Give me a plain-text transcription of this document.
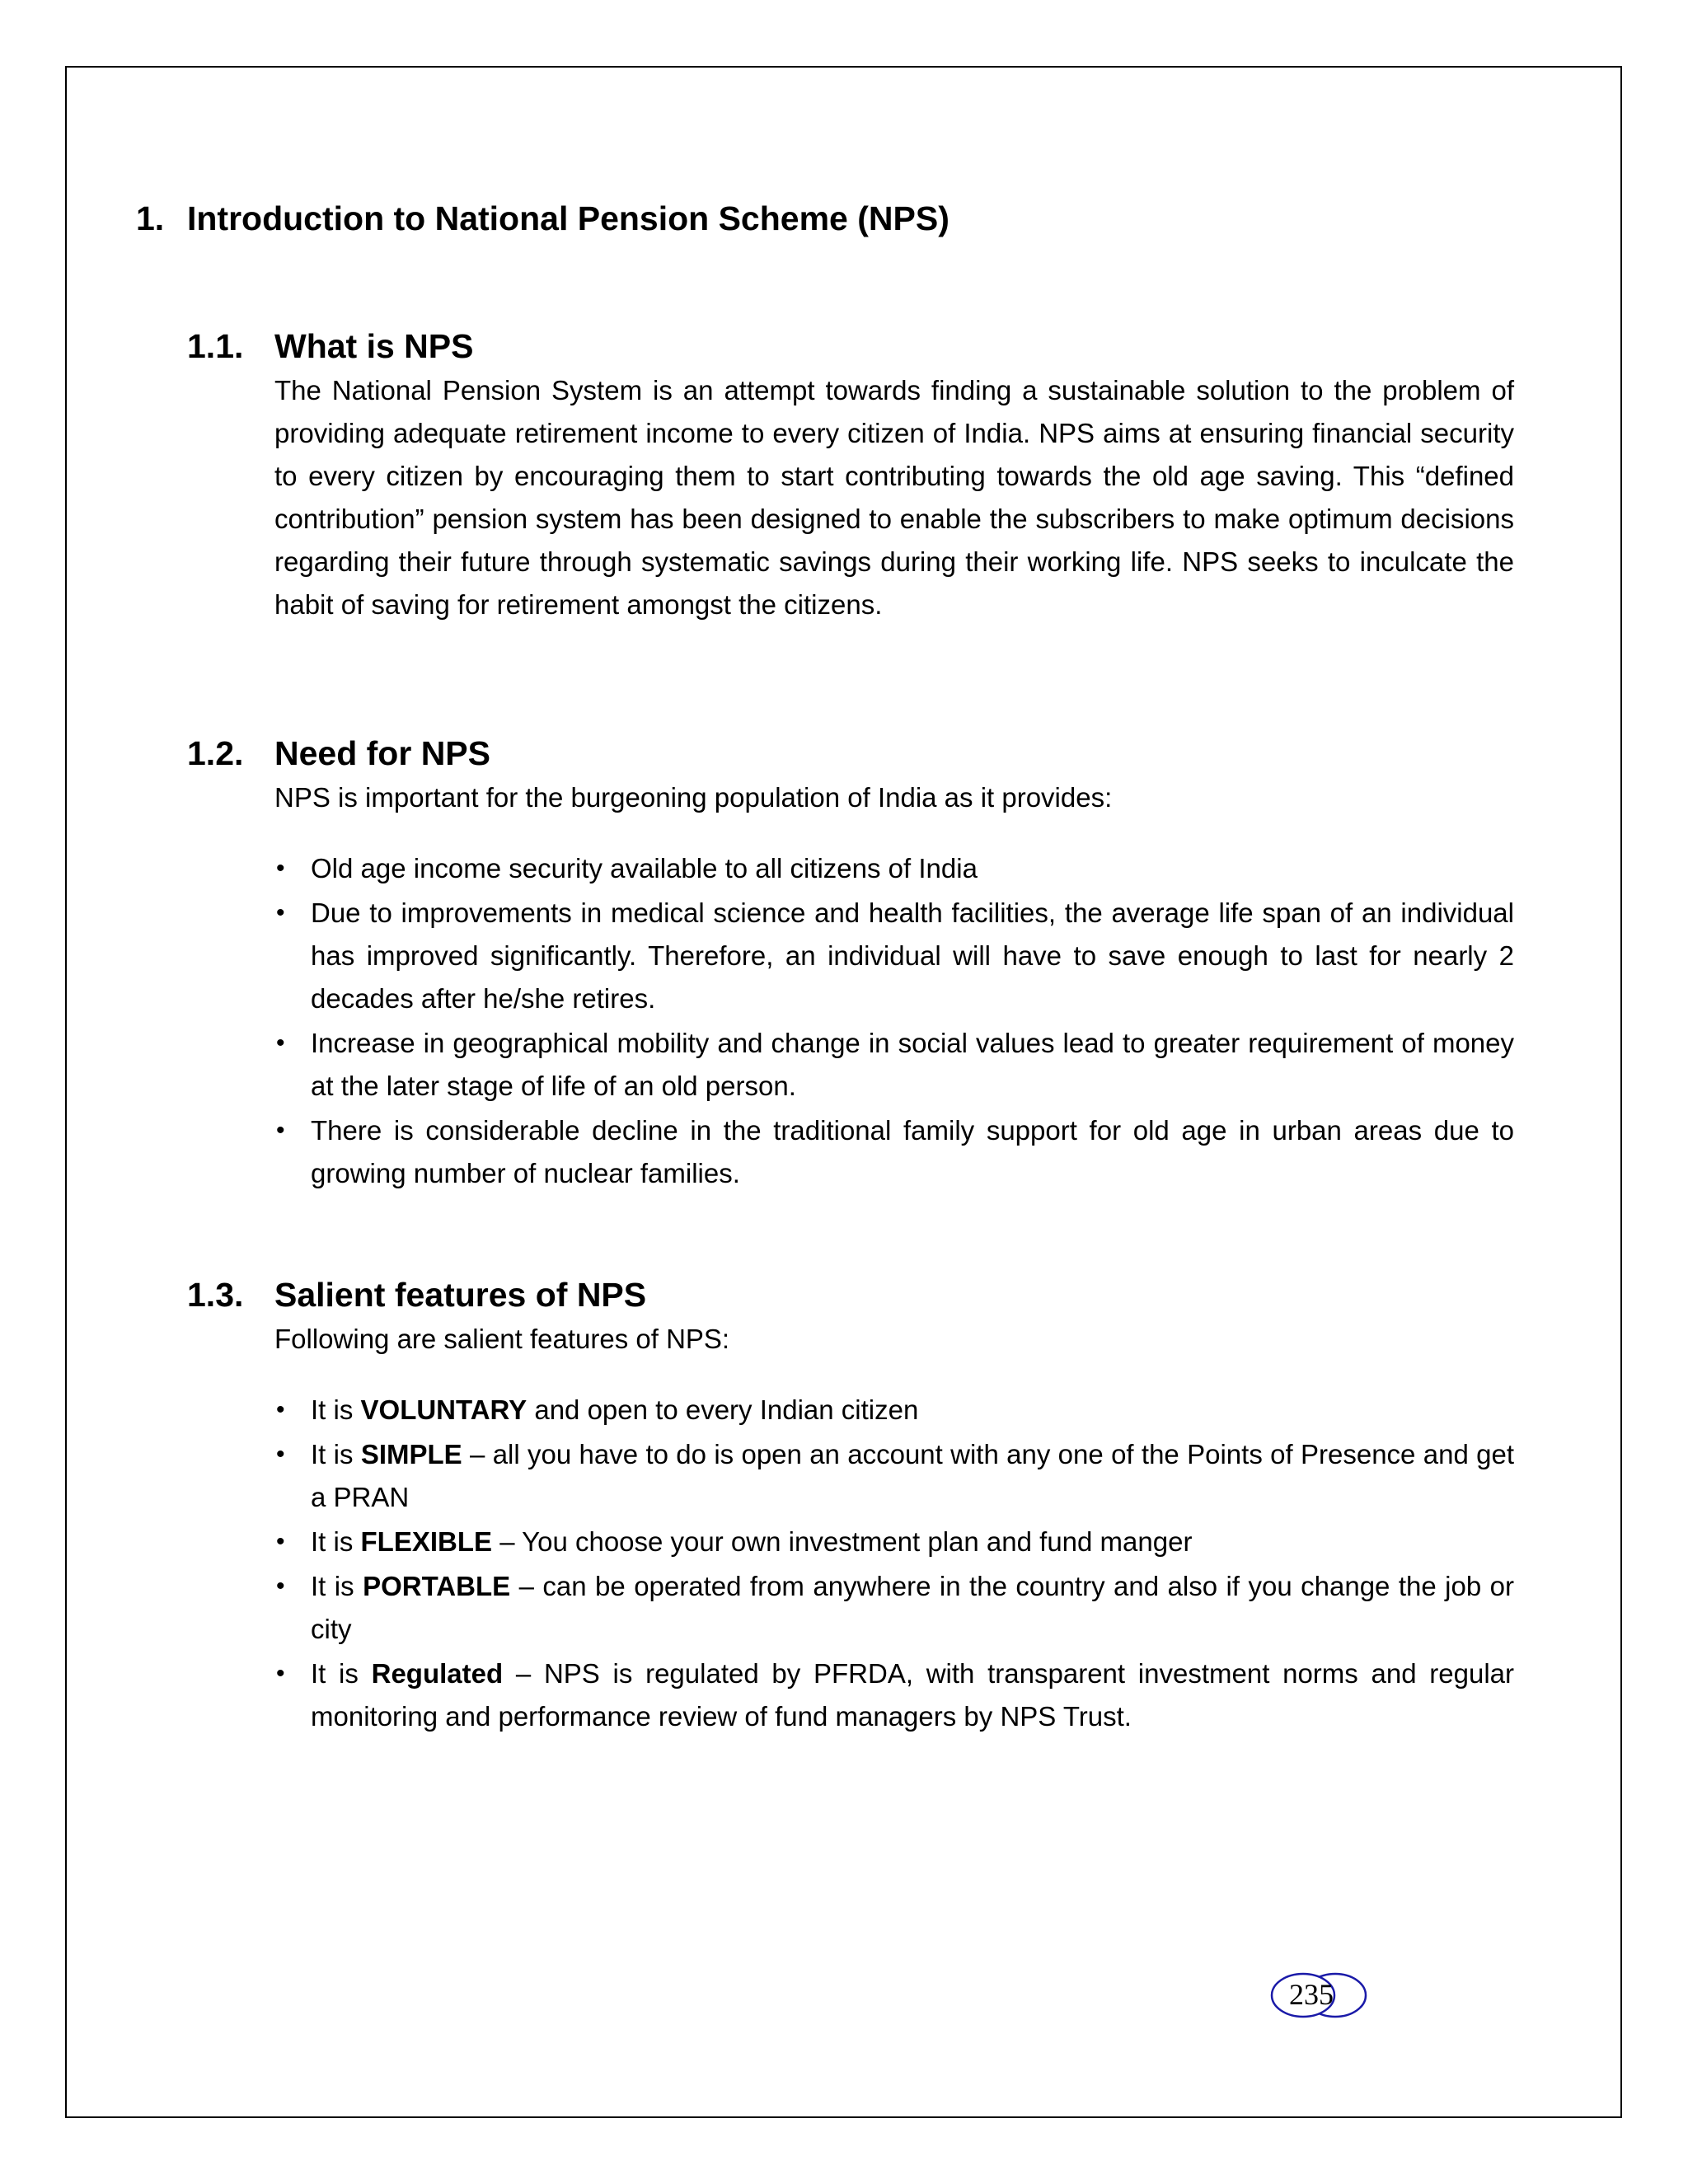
1. Introduction to National Pension Scheme (NPS)
1.1. What is NPS

The National Pension System is an attempt towards finding a sustainable solution to the problem of providing adequate retirement income to every citizen of India. NPS aims at ensuring financial security to every citizen by encouraging them to start contributing towards the old age saving. This “defined contribution” pension system has been designed to enable the subscribers to make optimum decisions regarding their future through systematic savings during their working life. NPS seeks to inculcate the habit of saving for retirement amongst the citizens.

1.2. Need for NPS

NPS is important for the burgeoning population of India as it provides:

• Old age income security available to all citizens of India
• Due to improvements in medical science and health facilities, the average life span of an individual has improved significantly. Therefore, an individual will have to save enough to last for nearly 2 decades after he/she retires.
• Increase in geographical mobility and change in social values lead to greater requirement of money at the later stage of life of an old person.
• There is considerable decline in the traditional family support for old age in urban areas due to growing number of nuclear families.
1.3. Salient features of NPS

Following are salient features of NPS:

• It is VOLUNTARY and open to every Indian citizen
• It is SIMPLE – all you have to do is open an account with any one of the Points of Presence and get a PRAN
• It is FLEXIBLE – You choose your own investment plan and fund manger
• It is PORTABLE – can be operated from anywhere in the country and also if you change the job or city
• It is Regulated – NPS is regulated by PFRDA, with transparent investment norms and regular monitoring and performance review of fund managers by NPS Trust.
235
